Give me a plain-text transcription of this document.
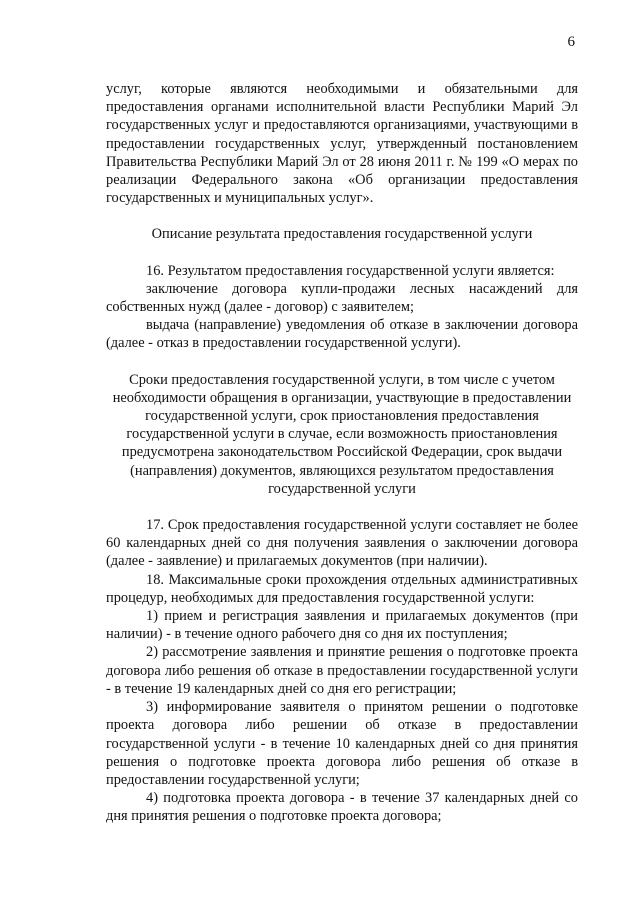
6

услуг, которые являются необходимыми и обязательными для предоставления органами исполнительной власти Республики Марий Эл государственных услуг и предоставляются организациями, участвующими в предоставлении государственных услуг, утвержденный постановлением Правительства Республики Марий Эл от 28 июня 2011 г. № 199 «О мерах по реализации Федерального закона «Об организации предоставления государственных и муниципальных услуг».

Описание результата предоставления государственной услуги

16. Результатом предоставления государственной услуги является:

заключение договора купли-продажи лесных насаждений для собственных нужд (далее - договор) с заявителем;

выдача (направление) уведомления об отказе в заключении договора (далее - отказ в предоставлении государственной услуги).

Сроки предоставления государственной услуги, в том числе с учетом необходимости обращения в организации, участвующие в предоставлении государственной услуги, срок приостановления предоставления государственной услуги в случае, если возможность приостановления предусмотрена законодательством Российской Федерации, срок выдачи (направления) документов, являющихся результатом предоставления государственной услуги

17. Срок предоставления государственной услуги составляет не более 60 календарных дней со дня получения заявления о заключении договора (далее - заявление) и прилагаемых документов (при наличии).

18. Максимальные сроки прохождения отдельных административных процедур, необходимых для предоставления государственной услуги:

1) прием и регистрация заявления и прилагаемых документов (при наличии) - в течение одного рабочего дня со дня их поступления;

2) рассмотрение заявления и принятие решения о подготовке проекта договора либо решения об отказе в предоставлении государственной услуги - в течение 19 календарных дней со дня его регистрации;

3) информирование заявителя о принятом решении о подготовке проекта договора либо решении об отказе в предоставлении государственной услуги - в течение 10 календарных дней со дня принятия решения о подготовке проекта договора либо решения об отказе в предоставлении государственной услуги;

4) подготовка проекта договора - в течение 37 календарных дней со дня принятия решения о подготовке проекта договора;
